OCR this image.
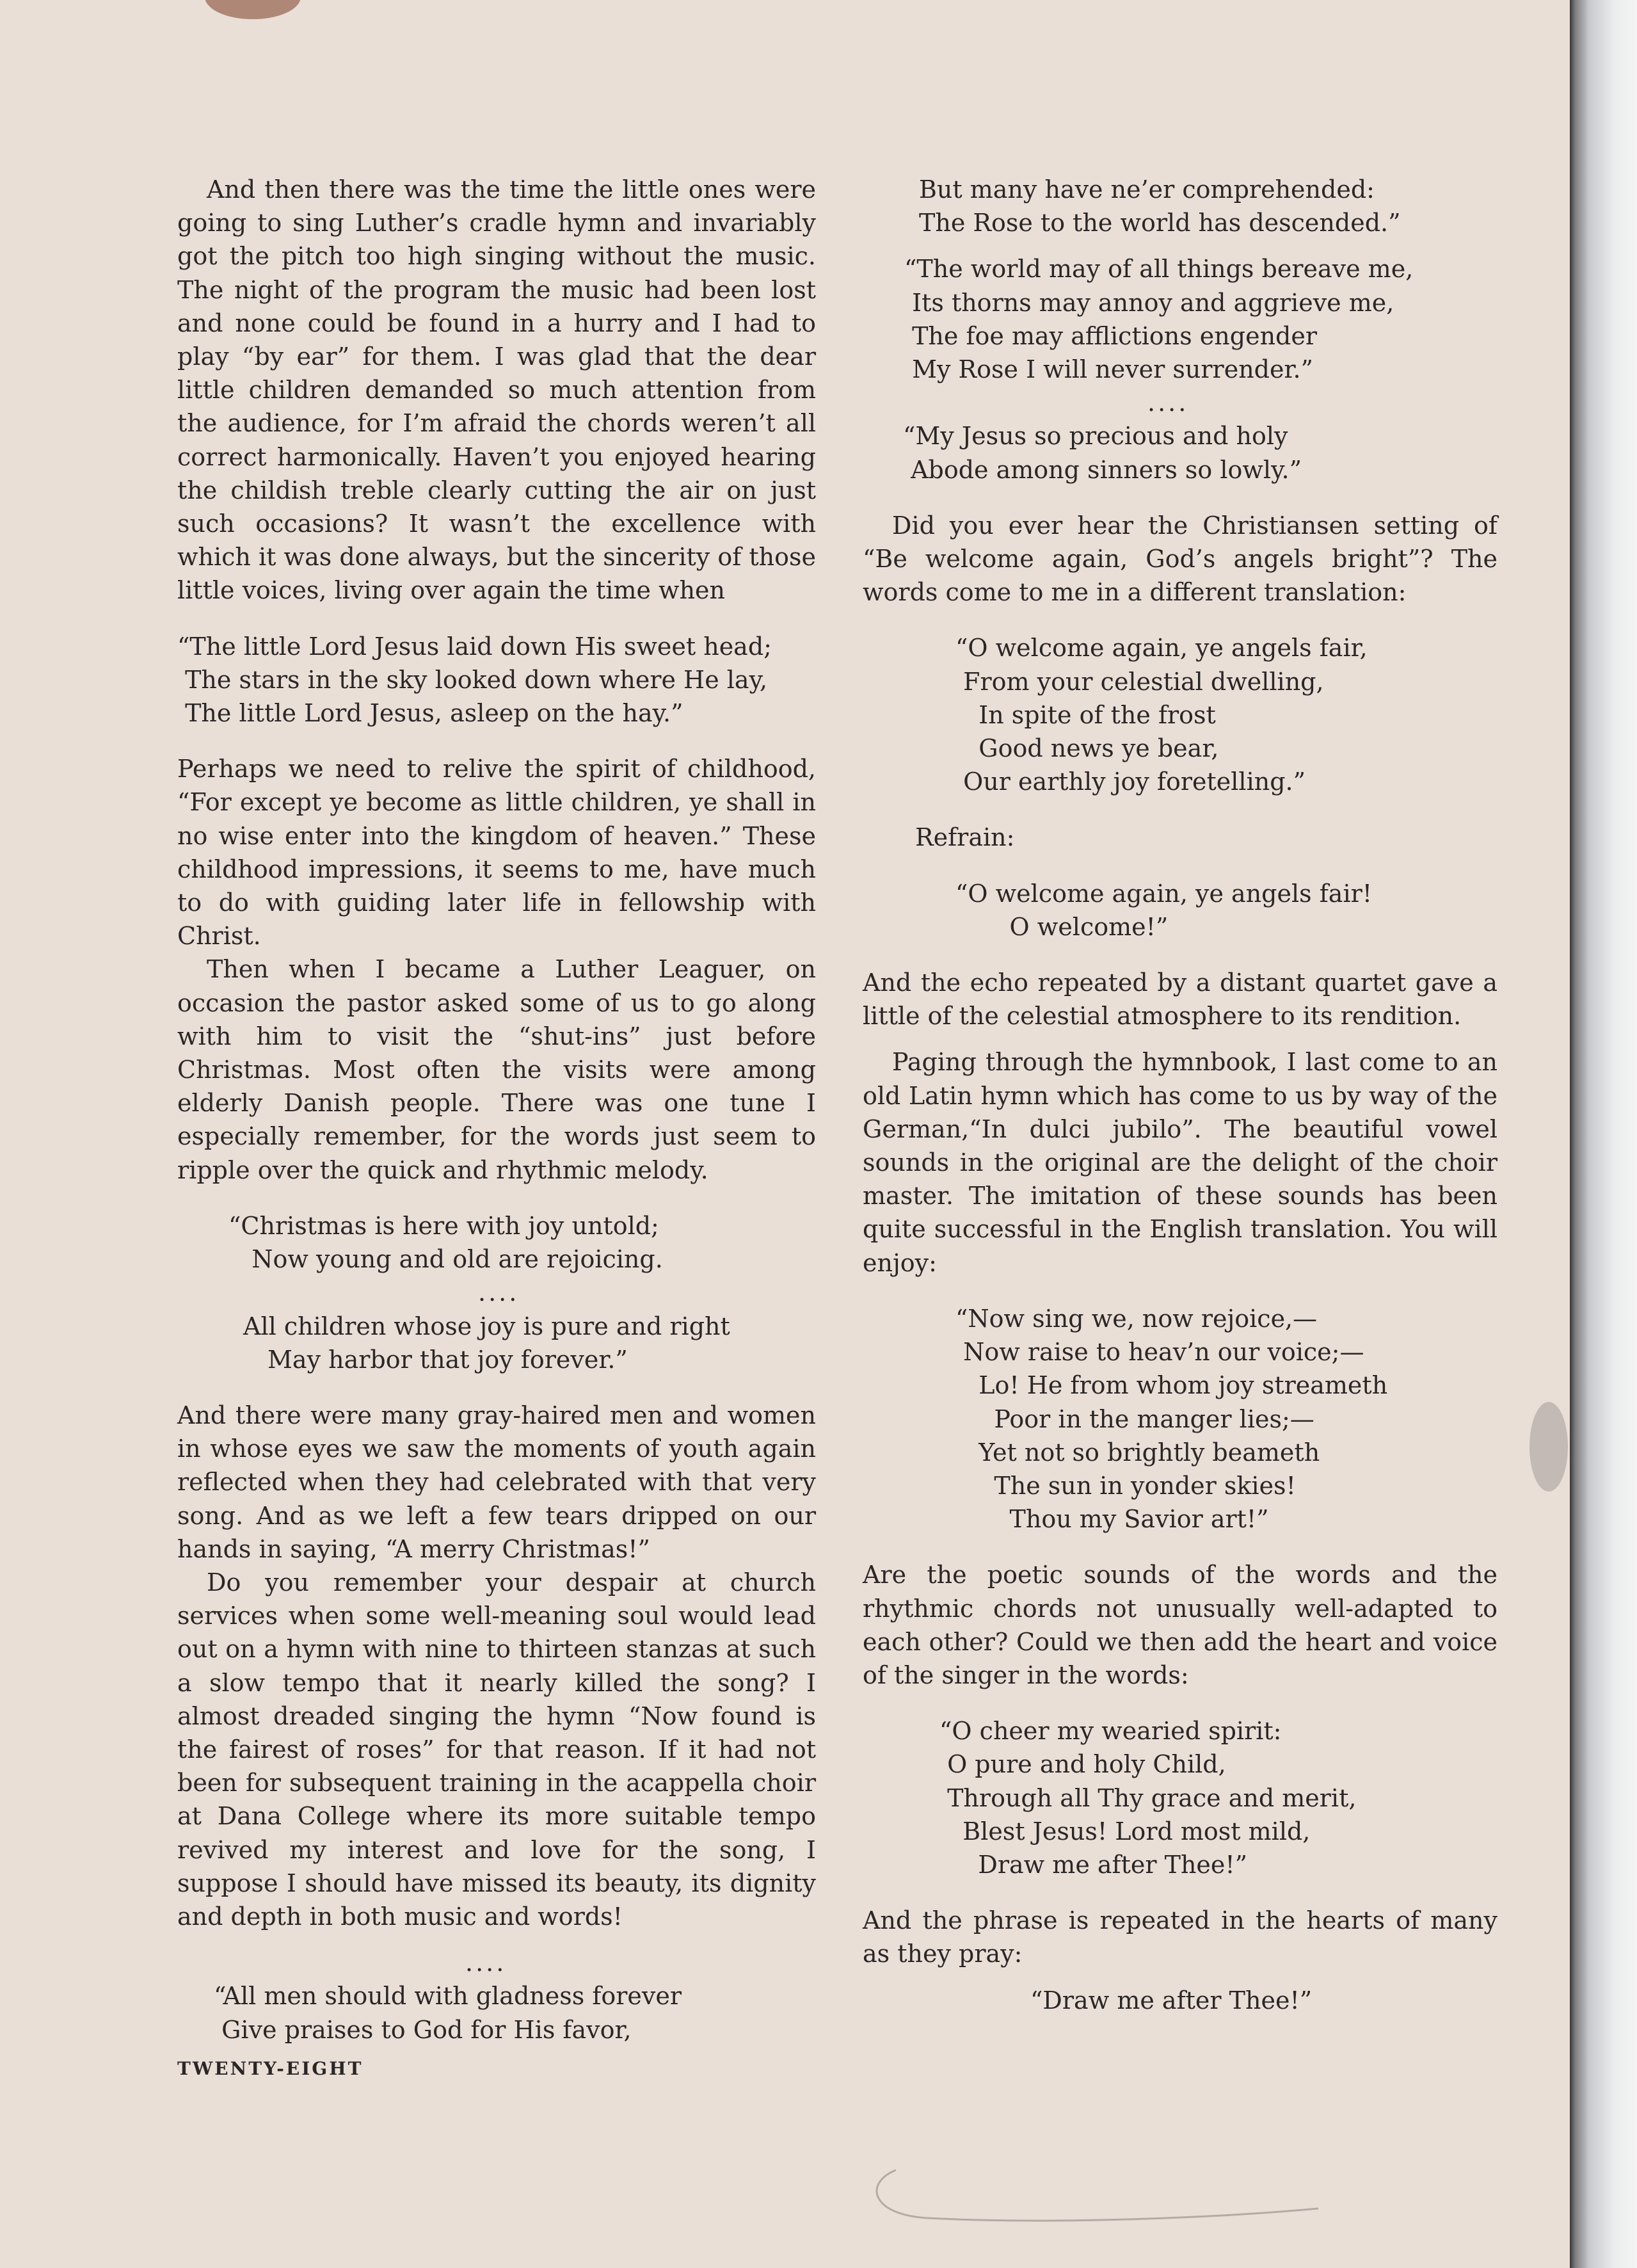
And then there was the time the little ones were going to sing Luther’s cradle hymn and invariably got the pitch too high singing without the music. The night of the program the music had been lost and none could be found in a hurry and I had to play “by ear” for them. I was glad that the dear little children demanded so much attention from the audience, for I’m afraid the chords weren’t all correct harmonically. Haven’t you enjoyed hearing the childish treble clearly cutting the air on just such occasions? It wasn’t the excellence with which it was done always, but the sincerity of those little voices, living over again the time when

“The little Lord Jesus laid down His sweet head;
The stars in the sky looked down where He lay,
The little Lord Jesus, asleep on the hay.”

Perhaps we need to relive the spirit of childhood, “For except ye become as little children, ye shall in no wise enter into the kingdom of heaven.” These childhood impressions, it seems to me, have much to do with guiding later life in fellowship with Christ.

Then when I became a Luther Leaguer, on occasion the pastor asked some of us to go along with him to visit the “shut-ins” just before Christmas. Most often the visits were among elderly Danish people. There was one tune I especially remember, for the words just seem to ripple over the quick and rhythmic melody.

“Christmas is here with joy untold;
Now young and old are rejoicing.
....
All children whose joy is pure and right
May harbor that joy forever.”

And there were many gray-haired men and women in whose eyes we saw the moments of youth again reflected when they had celebrated with that very song. And as we left a few tears dripped on our hands in saying, “A merry Christmas!”

Do you remember your despair at church services when some well-meaning soul would lead out on a hymn with nine to thirteen stanzas at such a slow tempo that it nearly killed the song? I almost dreaded singing the hymn “Now found is the fairest of roses” for that reason. If it had not been for subsequent training in the acappella choir at Dana College where its more suitable tempo revived my interest and love for the song, I suppose I should have missed its beauty, its dignity and depth in both music and words!

....
“All men should with gladness forever
Give praises to God for His favor,
But many have ne’er comprehended:
The Rose to the world has descended.”
“The world may of all things bereave me,
Its thorns may annoy and aggrieve me,
The foe may afflictions engender
My Rose I will never surrender.”
....
“My Jesus so precious and holy
Abode among sinners so lowly.”

Did you ever hear the Christiansen setting of “Be welcome again, God’s angels bright”? The words come to me in a different translation:

“O welcome again, ye angels fair,
From your celestial dwelling,
In spite of the frost
Good news ye bear,
Our earthly joy foretelling.”
Refrain:
“O welcome again, ye angels fair!
O welcome!”

And the echo repeated by a distant quartet gave a little of the celestial atmosphere to its rendition.

Paging through the hymnbook, I last come to an old Latin hymn which has come to us by way of the German,“In dulci jubilo”. The beautiful vowel sounds in the original are the delight of the choir master. The imitation of these sounds has been quite successful in the English translation. You will enjoy:

“Now sing we, now rejoice,—
Now raise to heav’n our voice;—
Lo! He from whom joy streameth
Poor in the manger lies;—
Yet not so brightly beameth
The sun in yonder skies!
Thou my Savior art!”

Are the poetic sounds of the words and the rhythmic chords not unusually well-adapted to each other? Could we then add the heart and voice of the singer in the words:

“O cheer my wearied spirit:
O pure and holy Child,
Through all Thy grace and merit,
Blest Jesus! Lord most mild,
Draw me after Thee!”

And the phrase is repeated in the hearts of many as they pray:

“Draw me after Thee!”
TWENTY-EIGHT
